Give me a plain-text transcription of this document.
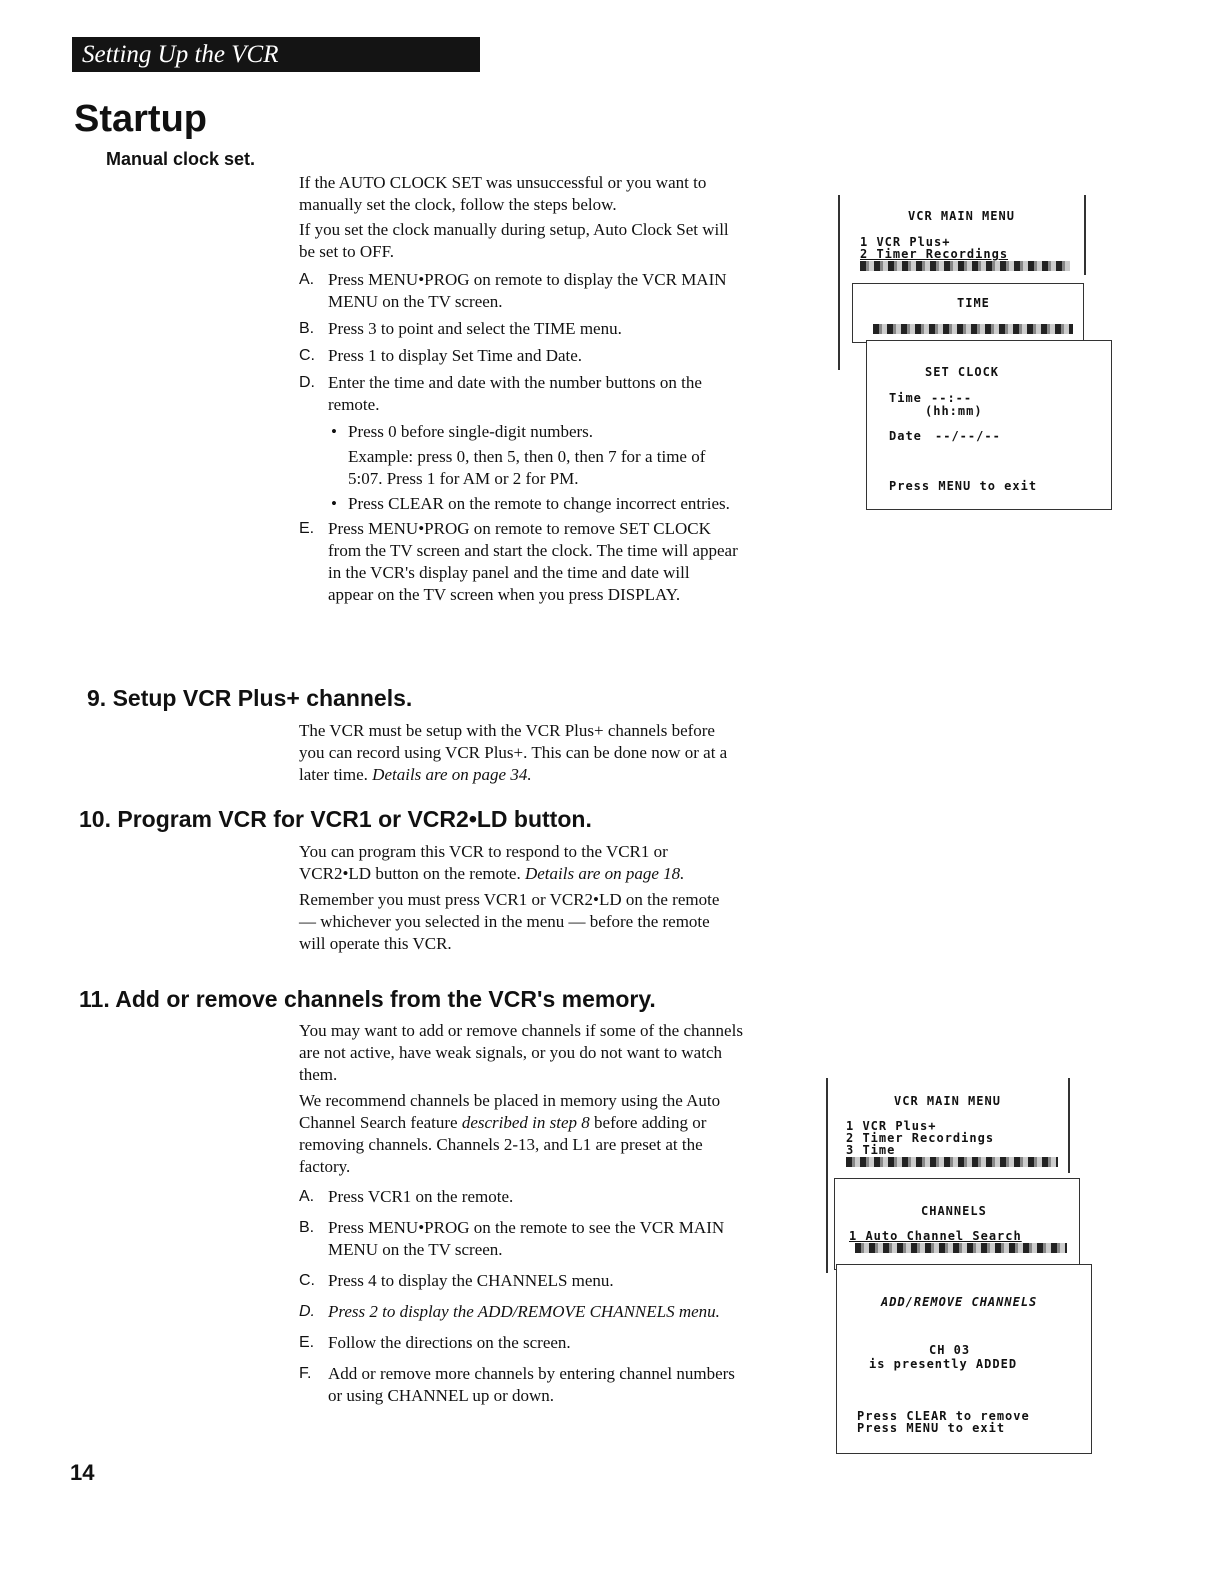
Setting Up the VCR
Startup
Manual clock set.

If the AUTO CLOCK SET was unsuccessful or you want to manually set the clock, follow the steps below.

If you set the clock manually during setup, Auto Clock Set will be set to OFF.

A. Press MENU•PROG on remote to display the VCR MAIN MENU on the TV screen.
B. Press 3 to point and select the TIME menu.
C. Press 1 to display Set Time and Date.
D. Enter the time and date with the number buttons on the remote.
• Press 0 before single-digit numbers.
Example: press 0, then 5, then 0, then 7 for a time of 5:07. Press 1 for AM or 2 for PM.
• Press CLEAR on the remote to change incorrect entries.
E. Press MENU•PROG on remote to remove SET CLOCK from the TV screen and start the clock. The time will appear in the VCR's display panel and the time and date will appear on the TV screen when you press DISPLAY.
9. Setup VCR Plus+ channels.
The VCR must be setup with the VCR Plus+ channels before you can record using VCR Plus+. This can be done now or at a later time. Details are on page 34.
10. Program VCR for VCR1 or VCR2•LD button.

You can program this VCR to respond to the VCR1 or VCR2•LD button on the remote. Details are on page 18.

Remember you must press VCR1 or VCR2•LD on the remote — whichever you selected in the menu — before the remote will operate this VCR.

11. Add or remove channels from the VCR's memory.

You may want to add or remove channels if some of the channels are not active, have weak signals, or you do not want to watch them.

We recommend channels be placed in memory using the Auto Channel Search feature described in step 8 before adding or removing channels. Channels 2-13, and L1 are preset at the factory.

A. Press VCR1 on the remote.
B. Press MENU•PROG on the remote to see the VCR MAIN MENU on the TV screen.
C. Press 4 to display the CHANNELS menu.
D. Press 2 to display the ADD/REMOVE CHANNELS menu.
E. Follow the directions on the screen.
F. Add or remove more channels by entering channel numbers or using CHANNEL up or down.
VCR MAIN MENU
1 VCR Plus+
2 Timer Recordings
TIME
SET CLOCK
Time --:--
(hh:mm)
Date --/--/--
Press MENU to exit
VCR MAIN MENU
1 VCR Plus+
2 Timer Recordings
3 Time
CHANNELS
1 Auto Channel Search
ADD/REMOVE CHANNELS
CH 03
is presently ADDED
Press CLEAR to remove
Press MENU to exit
14
